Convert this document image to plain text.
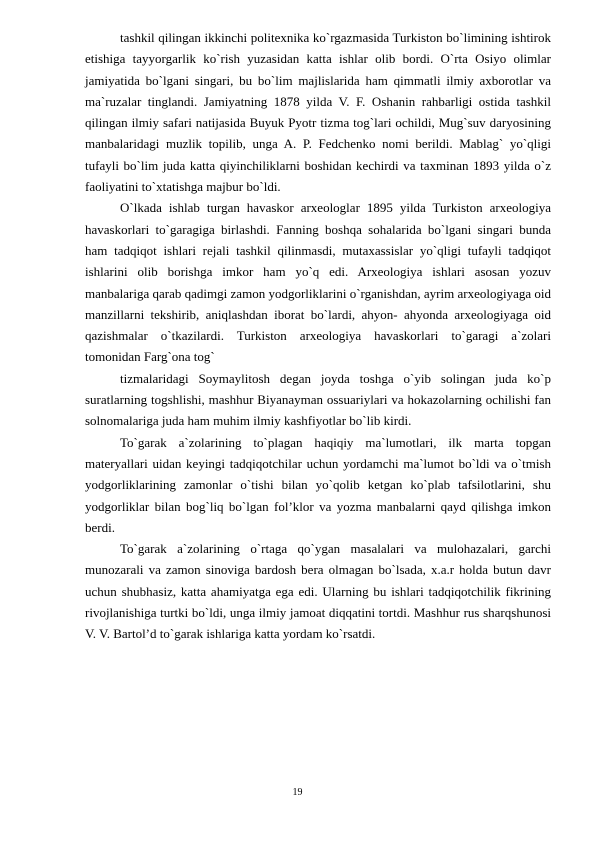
tashkil qilingan ikkinchi politexnika ko`rgazmasida Turkiston bo`limining ishtirok etishiga tayyorgarlik ko`rish yuzasidan katta ishlar olib bordi. O`rta Osiyo olimlar jamiyatida bo`lgani singari, bu bo`lim majlislarida ham qimmatli ilmiy axborotlar va ma`ruzalar tinglandi. Jamiyatning 1878 yilda V. F. Oshanin rahbarligi ostida tashkil qilingan ilmiy safari natijasida Buyuk Pyotr tizma tog`lari ochildi, Mug`suv daryosining manbalaridagi muzlik topilib, unga A. P. Fedchenko nomi berildi. Mablag` yo`qligi tufayli bo`lim juda katta qiyinchiliklarni boshidan kechirdi va taxminan 1893 yilda o`z faoliyatini to`xtatishga majbur bo`ldi.

O`lkada ishlab turgan havaskor arxeologlar 1895 yilda Turkiston arxeologiya havaskorlari to`garagiga birlashdi. Fanning boshqa sohalarida bo`lgani singari bunda ham tadqiqot ishlari rejali tashkil qilinmasdi, mutaxassislar yo`qligi tufayli tadqiqot ishlarini olib borishga imkor ham yo`q edi. Arxeologiya ishlari asosan yozuv manbalariga qarab qadimgi zamon yodgorliklarini o`rganishdan, ayrim arxeologiyaga oid manzillarni tekshirib, aniqlashdan iborat bo`lardi, ahyon- ahyonda arxeologiyaga oid qazishmalar o`tkazilardi. Turkiston arxeologiya havaskorlari to`garagi a`zolari tomonidan Farg`ona tog`

tizmalaridagi Soymaylitosh degan joyda toshga o`yib solingan juda ko`p suratlarning togshlishi, mashhur Biyanayman ossuariylari va hokazolarning ochilishi fan solnomalariga juda ham muhim ilmiy kashfiyotlar bo`lib kirdi.

To`garak a`zolarining to`plagan haqiqiy ma`lumotlari, ilk marta topgan materyallari uidan keyingi tadqiqotchilar uchun yordamchi ma`lumot bo`ldi va o`tmish yodgorliklarining zamonlar o`tishi bilan yo`qolib ketgan ko`plab tafsilotlarini, shu yodgorliklar bilan bog`liq bo`lgan fol’klor va yozma manbalarni qayd qilishga imkon berdi.

To`garak a`zolarining o`rtaga qo`ygan masalalari va mulohazalari, garchi munozarali va zamon sinoviga bardosh bera olmagan bo`lsada, x.a.r holda butun davr uchun shubhasiz, katta ahamiyatga ega edi. Ularning bu ishlari tadqiqotchilik fikrining rivojlanishiga turtki bo`ldi, unga ilmiy jamoat diqqatini tortdi. Mashhur rus sharqshunosi V. V. Bartol’d to`garak ishlariga katta yordam ko`rsatdi.

19
